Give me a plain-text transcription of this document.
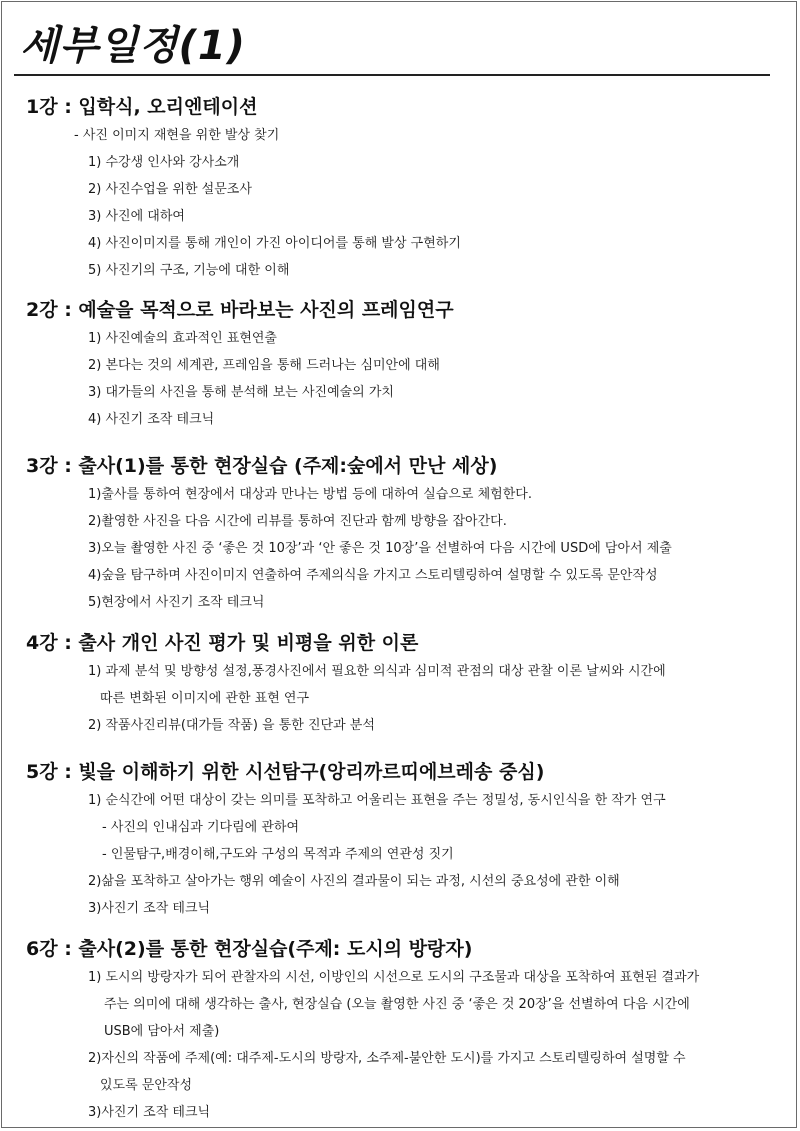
세부일정(1)
1강 : 입학식, 오리엔테이션
- 사진 이미지 재현을 위한 발상 찾기
1) 수강생 인사와 강사소개
2) 사진수업을 위한 설문조사
3) 사진에 대하여
4) 사진이미지를 통해 개인이 가진 아이디어를 통해 발상 구현하기
5) 사진기의 구조, 기능에 대한 이해
2강 : 예술을 목적으로 바라보는 사진의 프레임연구
1) 사진예술의 효과적인 표현연출
2) 본다는 것의 세계관, 프레임을 통해 드러나는 심미안에 대해
3) 대가들의 사진을 통해 분석해 보는 사진예술의 가치
4) 사진기 조작 테크닉
3강 : 출사(1)를 통한 현장실습 (주제:숲에서 만난 세상)
1)출사를 통하여 현장에서 대상과 만나는 방법 등에 대하여 실습으로 체험한다.
2)촬영한 사진을 다음 시간에 리뷰를 통하여 진단과 함께 방향을 잡아간다.
3)오늘 촬영한 사진 중 ‘좋은 것 10장’과 ‘안 좋은 것 10장’을 선별하여 다음 시간에 USD에 담아서 제출
4)숲을 탐구하며 사진이미지 연출하여 주제의식을 가지고 스토리텔링하여 설명할 수 있도록 문안작성
5)현장에서 사진기 조작 테크닉
4강 : 출사 개인 사진 평가 및 비평을 위한 이론
1) 과제 분석 및 방향성 설정,풍경사진에서 필요한 의식과 심미적 관점의 대상 관찰 이론 날씨와 시간에
따른 변화된 이미지에 관한 표현 연구
2) 작품사진리뷰(대가들 작품) 을 통한 진단과 분석
5강 : 빛을 이해하기 위한 시선탐구(앙리까르띠에브레송 중심)
1) 순식간에 어떤 대상이 갖는 의미를 포착하고 어울리는 표현을 주는 정밀성, 동시인식을 한 작가 연구
- 사진의 인내심과 기다림에 관하여
- 인물탐구,배경이해,구도와 구성의 목적과 주제의 연관성 짓기
2)삶을 포착하고 살아가는 행위 예술이 사진의 결과물이 되는 과정, 시선의 중요성에 관한 이해
3)사진기 조작 테크닉
6강 : 출사(2)를 통한 현장실습(주제: 도시의 방랑자)
1) 도시의 방랑자가 되어 관찰자의 시선, 이방인의 시선으로 도시의 구조물과 대상을 포착하여 표현된 결과가
주는 의미에 대해 생각하는 출사, 현장실습 (오늘 촬영한 사진 중 ‘좋은 것 20장’을 선별하여 다음 시간에
USB에 담아서 제출)
2)자신의 작품에 주제(예: 대주제-도시의 방랑자, 소주제-불안한 도시)를 가지고 스토리텔링하여 설명할 수
있도록 문안작성
3)사진기 조작 테크닉
